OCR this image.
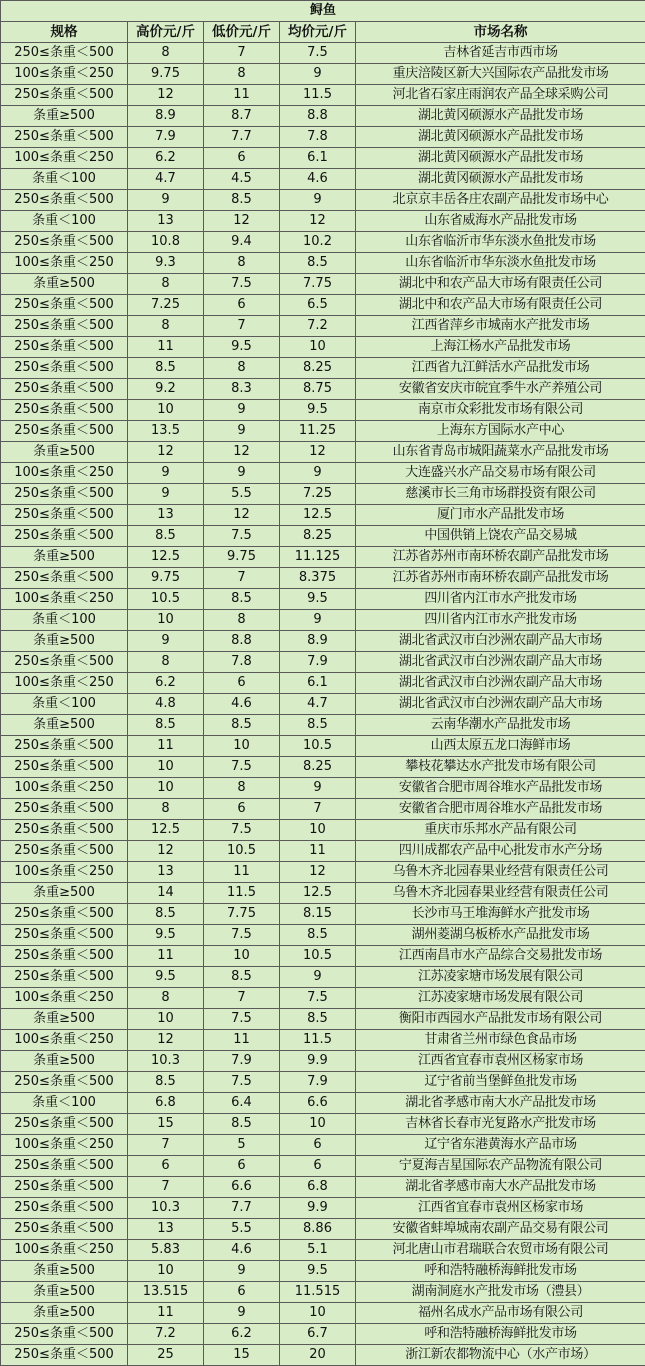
鲟鱼				
规格	高价元/斤	低价元/斤	均价元/斤	市场名称
250≤条重＜500	8	7	7.5	吉林省延吉市西市场
100≤条重＜250	9.75	8	9	重庆涪陵区新大兴国际农产品批发市场
250≤条重＜500	12	11	11.5	河北省石家庄雨润农产品全球采购公司
条重≥500	8.9	8.7	8.8	湖北黄冈硕源水产品批发市场
250≤条重＜500	7.9	7.7	7.8	湖北黄冈硕源水产品批发市场
100≤条重＜250	6.2	6	6.1	湖北黄冈硕源水产品批发市场
条重＜100	4.7	4.5	4.6	湖北黄冈硕源水产品批发市场
250≤条重＜500	9	8.5	9	北京京丰岳各庄农副产品批发市场中心
条重＜100	13	12	12	山东省威海水产品批发市场
250≤条重＜500	10.8	9.4	10.2	山东省临沂市华东淡水鱼批发市场
100≤条重＜250	9.3	8	8.5	山东省临沂市华东淡水鱼批发市场
条重≥500	8	7.5	7.75	湖北中和农产品大市场有限责任公司
250≤条重＜500	7.25	6	6.5	湖北中和农产品大市场有限责任公司
250≤条重＜500	8	7	7.2	江西省萍乡市城南水产批发市场
250≤条重＜500	11	9.5	10	上海江杨水产品批发市场
250≤条重＜500	8.5	8	8.25	江西省九江鲜活水产品批发市场
250≤条重＜500	9.2	8.3	8.75	安徽省安庆市皖宜季牛水产养殖公司
250≤条重＜500	10	9	9.5	南京市众彩批发市场有限公司
250≤条重＜500	13.5	9	11.25	上海东方国际水产中心
条重≥500	12	12	12	山东省青岛市城阳蔬菜水产品批发市场
100≤条重＜250	9	9	9	大连盛兴水产品交易市场有限公司
250≤条重＜500	9	5.5	7.25	慈溪市长三角市场群投资有限公司
250≤条重＜500	13	12	12.5	厦门市水产品批发市场
250≤条重＜500	8.5	7.5	8.25	中国供销上饶农产品交易城
条重≥500	12.5	9.75	11.125	江苏省苏州市南环桥农副产品批发市场
250≤条重＜500	9.75	7	8.375	江苏省苏州市南环桥农副产品批发市场
100≤条重＜250	10.5	8.5	9.5	四川省内江市水产批发市场
条重＜100	10	8	9	四川省内江市水产批发市场
条重≥500	9	8.8	8.9	湖北省武汉市白沙洲农副产品大市场
250≤条重＜500	8	7.8	7.9	湖北省武汉市白沙洲农副产品大市场
100≤条重＜250	6.2	6	6.1	湖北省武汉市白沙洲农副产品大市场
条重＜100	4.8	4.6	4.7	湖北省武汉市白沙洲农副产品大市场
条重≥500	8.5	8.5	8.5	云南华潮水产品批发市场
250≤条重＜500	11	10	10.5	山西太原五龙口海鲜市场
250≤条重＜500	10	7.5	8.25	攀枝花攀达水产批发市场有限公司
100≤条重＜250	10	8	9	安徽省合肥市周谷堆水产品批发市场
250≤条重＜500	8	6	7	安徽省合肥市周谷堆水产品批发市场
250≤条重＜500	12.5	7.5	10	重庆市乐邦水产品有限公司
250≤条重＜500	12	10.5	11	四川成都农产品中心批发市水产分场
100≤条重＜250	13	11	12	乌鲁木齐北园春果业经营有限责任公司
条重≥500	14	11.5	12.5	乌鲁木齐北园春果业经营有限责任公司
250≤条重＜500	8.5	7.75	8.15	长沙市马王堆海鲜水产批发市场
250≤条重＜500	9.5	7.5	8.5	湖州菱湖乌板桥水产品批发市场
250≤条重＜500	11	10	10.5	江西南昌市水产品综合交易批发市场
250≤条重＜500	9.5	8.5	9	江苏凌家塘市场发展有限公司
100≤条重＜250	8	7	7.5	江苏凌家塘市场发展有限公司
条重≥500	10	7.5	8.5	衡阳市西园水产品批发市场有限公司
100≤条重＜250	12	11	11.5	甘肃省兰州市绿色食品市场
条重≥500	10.3	7.9	9.9	江西省宜春市袁州区杨家市场
250≤条重＜500	8.5	7.5	7.9	辽宁省前当堡鲜鱼批发市场
条重＜100	6.8	6.4	6.6	湖北省孝感市南大水产品批发市场
250≤条重＜500	15	8.5	10	吉林省长春市光复路水产批发市场
100≤条重＜250	7	5	6	辽宁省东港黄海水产品市场
250≤条重＜500	6	6	6	宁夏海吉星国际农产品物流有限公司
250≤条重＜500	7	6.6	6.8	湖北省孝感市南大水产品批发市场
250≤条重＜500	10.3	7.7	9.9	江西省宜春市袁州区杨家市场
250≤条重＜500	13	5.5	8.86	安徽省蚌埠城南农副产品交易有限公司
100≤条重＜250	5.83	4.6	5.1	河北唐山市君瑞联合农贸市场有限公司
条重≥500	10	9	9.5	呼和浩特融桥海鲜批发市场
条重≥500	13.515	6	11.515	湖南洞庭水产批发市场（澧县）
条重≥500	11	9	10	福州名成水产品市场有限公司
250≤条重＜500	7.2	6.2	6.7	呼和浩特融桥海鲜批发市场
250≤条重＜500	25	15	20	浙江新农都物流中心（水产市场）
